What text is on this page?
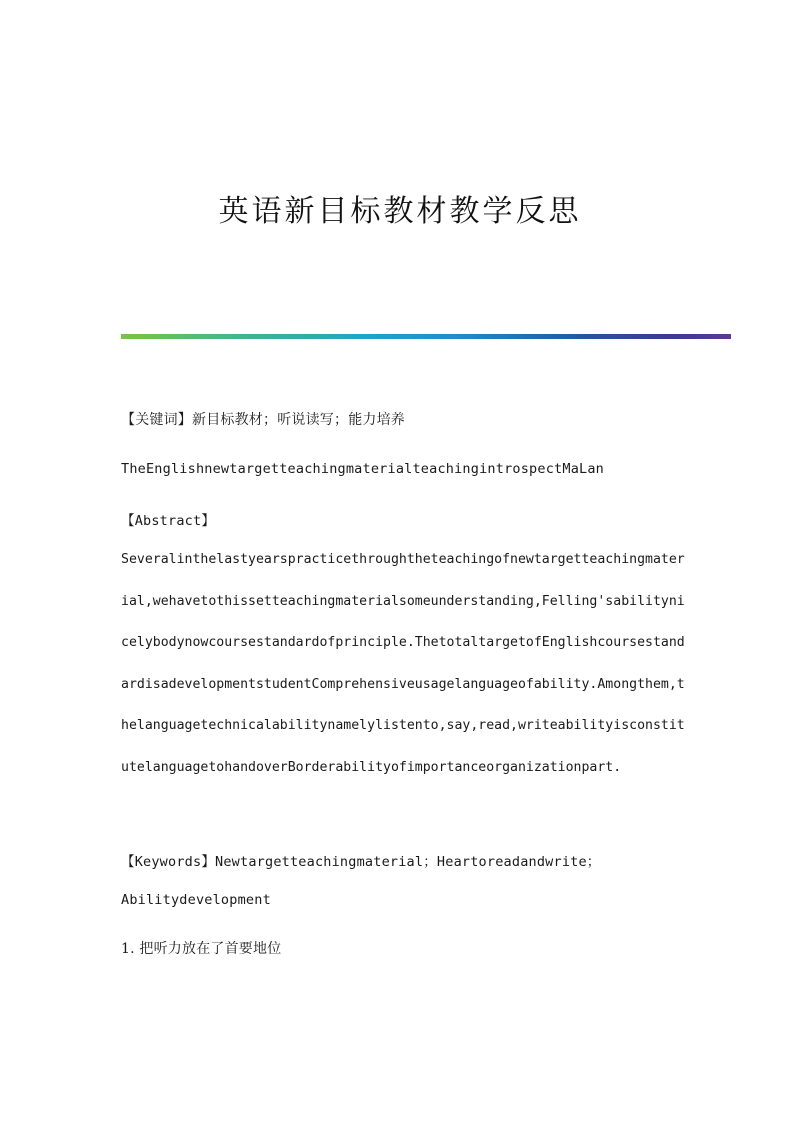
英语新目标教材教学反思

【关键词】新目标教材；听说读写；能力培养

TheEnglishnewtargetteachingmaterialteachingintrospectMaLan

【Abstract】

Severalinthelastyearspracticethroughtheteachingofnewtargetteachingmaterial,wehavetothissetteachingmaterialsomeunderstanding,Felling'sabilitynicelybodynowcoursestandardofprinciple.ThetotaltargetofEnglishcoursestandardisadevelopmentstudentComprehensiveusagelanguageofability.Amongthem,thelanguagetechnicalabilitynamelylistento,say,read,writeabilityisconstitutelanguagetohandoverBorderabilityofimportanceorganizationpart.

【Keywords】Newtargetteachingmaterial；Heartoreadandwrite；

Abilitydevelopment

1. 把听力放在了首要地位
